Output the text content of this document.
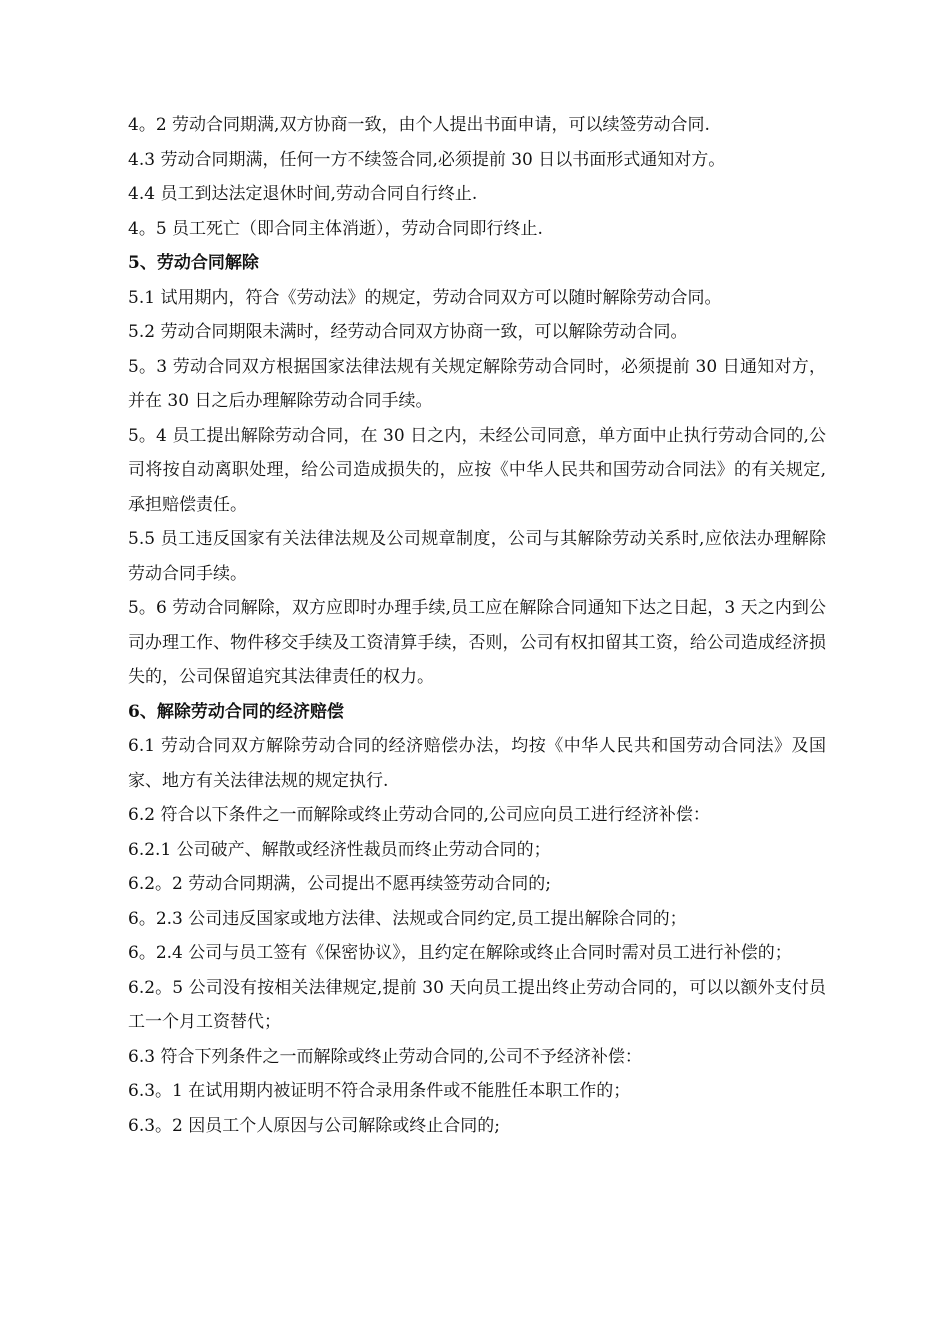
4。2 劳动合同期满,双方协商一致，由个人提出书面申请，可以续签劳动合同.

4.3 劳动合同期满，任何一方不续签合同,必须提前 30 日以书面形式通知对方。

4.4 员工到达法定退休时间,劳动合同自行终止.

4。5 员工死亡（即合同主体消逝），劳动合同即行终止.

5、劳动合同解除

5.1 试用期内，符合《劳动法》的规定，劳动合同双方可以随时解除劳动合同。

5.2 劳动合同期限未满时，经劳动合同双方协商一致，可以解除劳动合同。

5。3 劳动合同双方根据国家法律法规有关规定解除劳动合同时，必须提前 30 日通知对方，并在 30 日之后办理解除劳动合同手续。

5。4 员工提出解除劳动合同，在 30 日之内，未经公司同意，单方面中止执行劳动合同的,公司将按自动离职处理，给公司造成损失的，应按《中华人民共和国劳动合同法》的有关规定,承担赔偿责任。

5.5 员工违反国家有关法律法规及公司规章制度，公司与其解除劳动关系时,应依法办理解除劳动合同手续。

5。6 劳动合同解除，双方应即时办理手续,员工应在解除合同通知下达之日起，3 天之内到公司办理工作、物件移交手续及工资清算手续，否则，公司有权扣留其工资，给公司造成经济损失的，公司保留追究其法律责任的权力。

6、解除劳动合同的经济赔偿

6.1 劳动合同双方解除劳动合同的经济赔偿办法，均按《中华人民共和国劳动合同法》及国家、地方有关法律法规的规定执行.

6.2 符合以下条件之一而解除或终止劳动合同的,公司应向员工进行经济补偿：

6.2.1 公司破产、解散或经济性裁员而终止劳动合同的；

6.2。2 劳动合同期满，公司提出不愿再续签劳动合同的;

6。2.3 公司违反国家或地方法律、法规或合同约定,员工提出解除合同的；

6。2.4 公司与员工签有《保密协议》，且约定在解除或终止合同时需对员工进行补偿的；

6.2。5 公司没有按相关法律规定,提前 30 天向员工提出终止劳动合同的，可以以额外支付员工一个月工资替代；

6.3 符合下列条件之一而解除或终止劳动合同的,公司不予经济补偿：

6.3。1 在试用期内被证明不符合录用条件或不能胜任本职工作的；

6.3。2 因员工个人原因与公司解除或终止合同的;
